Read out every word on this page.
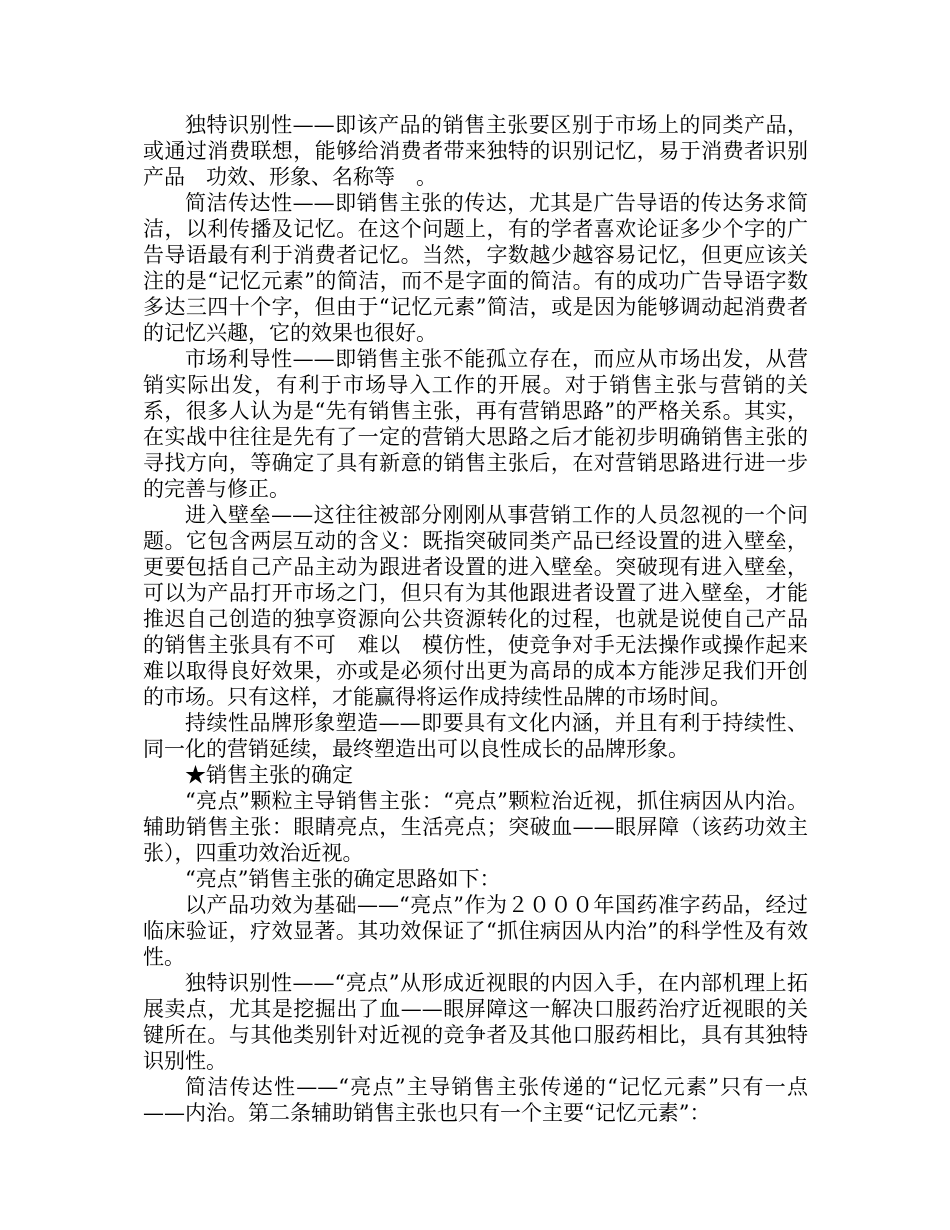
独特识别性——即该产品的销售主张要区别于市场上的同类产品，或通过消费联想，能够给消费者带来独特的识别记忆，易于消费者识别产品　功效、形象、名称等　。

简洁传达性——即销售主张的传达，尤其是广告导语的传达务求简洁，以利传播及记忆。在这个问题上，有的学者喜欢论证多少个字的广告导语最有利于消费者记忆。当然，字数越少越容易记忆，但更应该关注的是“记忆元素”的简洁，而不是字面的简洁。有的成功广告导语字数多达三四十个字，但由于“记忆元素”简洁，或是因为能够调动起消费者的记忆兴趣，它的效果也很好。

市场利导性——即销售主张不能孤立存在，而应从市场出发，从营销实际出发，有利于市场导入工作的开展。对于销售主张与营销的关系，很多人认为是“先有销售主张，再有营销思路”的严格关系。其实，在实战中往往是先有了一定的营销大思路之后才能初步明确销售主张的寻找方向，等确定了具有新意的销售主张后，在对营销思路进行进一步的完善与修正。

进入壁垒——这往往被部分刚刚从事营销工作的人员忽视的一个问题。它包含两层互动的含义：既指突破同类产品已经设置的进入壁垒，更要包括自己产品主动为跟进者设置的进入壁垒。突破现有进入壁垒，可以为产品打开市场之门，但只有为其他跟进者设置了进入壁垒，才能推迟自己创造的独享资源向公共资源转化的过程，也就是说使自己产品的销售主张具有不可　难以　模仿性，使竞争对手无法操作或操作起来难以取得良好效果，亦或是必须付出更为高昂的成本方能涉足我们开创的市场。只有这样，才能赢得将运作成持续性品牌的市场时间。

持续性品牌形象塑造——即要具有文化内涵，并且有利于持续性、同一化的营销延续，最终塑造出可以良性成长的品牌形象。

★销售主张的确定

“亮点”颗粒主导销售主张：“亮点”颗粒治近视，抓住病因从内治。辅助销售主张：眼睛亮点，生活亮点；突破血——眼屏障（该药功效主张），四重功效治近视。

“亮点”销售主张的确定思路如下：

以产品功效为基础——“亮点”作为２０００年国药准字药品，经过临床验证，疗效显著。其功效保证了“抓住病因从内治”的科学性及有效性。

独特识别性——“亮点”从形成近视眼的内因入手，在内部机理上拓展卖点，尤其是挖掘出了血——眼屏障这一解决口服药治疗近视眼的关键所在。与其他类别针对近视的竞争者及其他口服药相比，具有其独特识别性。

简洁传达性——“亮点”主导销售主张传递的“记忆元素”只有一点——内治。第二条辅助销售主张也只有一个主要“记忆元素”：
